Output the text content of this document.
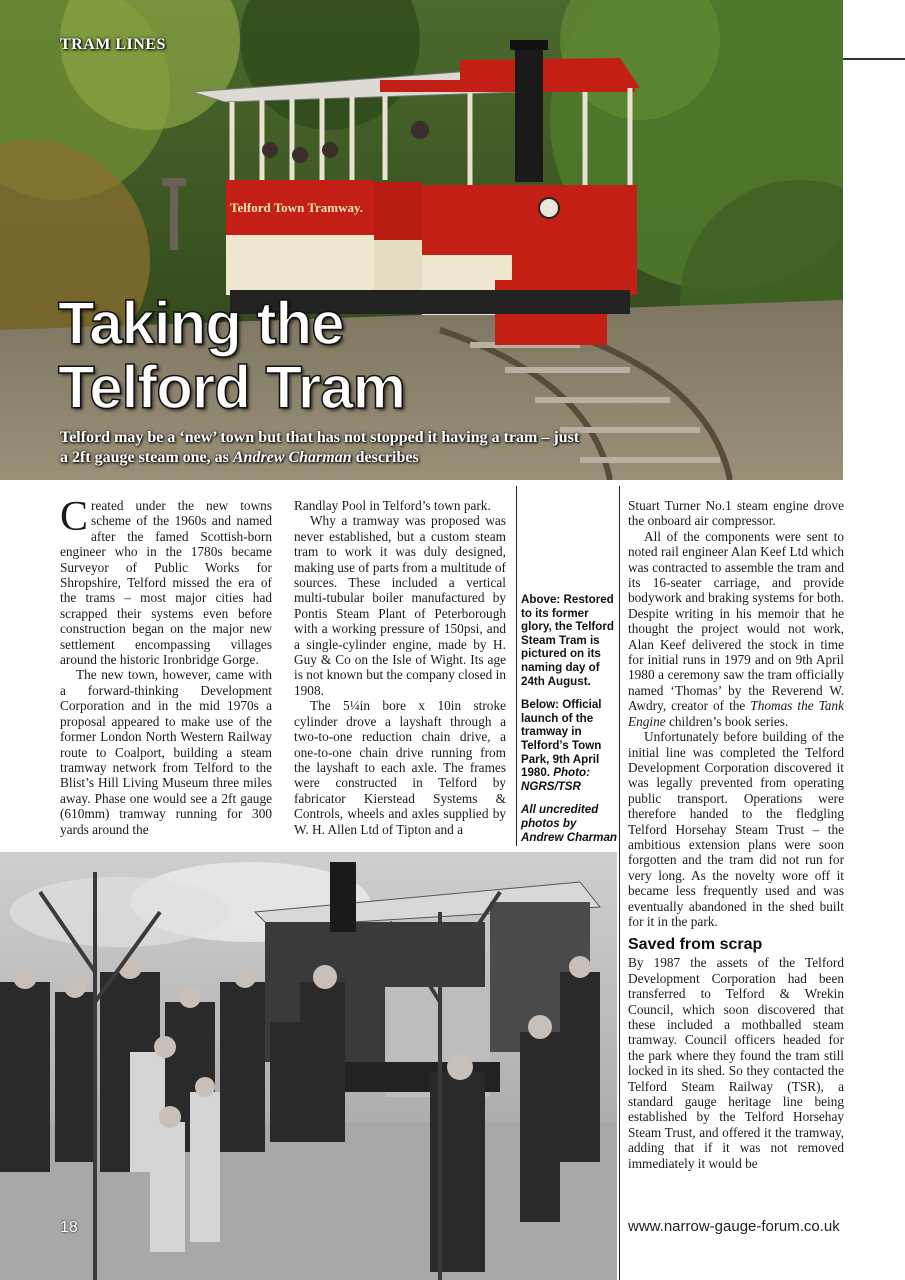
Telford Town Tramway.
TRAM LINES
Taking the
Telford Tram

Telford may be a ‘new’ town but that has not stopped it having a tram – just a 2ft gauge steam one, as Andrew Charman describes

Created under the new towns scheme of the 1960s and named after the famed Scottish-born engineer who in the 1780s became Surveyor of Public Works for Shropshire, Telford missed the era of the trams – most major cities had scrapped their systems even before construction began on the major new settlement encompassing villages around the historic Ironbridge Gorge.

The new town, however, came with a forward-thinking Development Corporation and in the mid 1970s a proposal appeared to make use of the former London North Western Railway route to Coalport, building a steam tramway network from Telford to the Blist’s Hill Living Museum three miles away. Phase one would see a 2ft gauge (610mm) tramway running for 300 yards around the

Randlay Pool in Telford’s town park.

Why a tramway was proposed was never established, but a custom steam tram to work it was duly designed, making use of parts from a multitude of sources. These included a vertical multi-tubular boiler manufactured by Pontis Steam Plant of Peterborough with a working pressure of 150psi, and a single-cylinder engine, made by H. Guy & Co on the Isle of Wight. Its age is not known but the company closed in 1908.

The 5¼in bore x 10in stroke cylinder drove a layshaft through a two-to-one reduction chain drive, a one-to-one chain drive running from the layshaft to each axle. The frames were constructed in Telford by fabricator Kierstead Systems & Controls, wheels and axles supplied by W. H. Allen Ltd of Tipton and a

Above: Restored to its former glory, the Telford Steam Tram is pictured on its naming day of 24th August.

Below: Official launch of the tramway in Telford’s Town Park, 9th April 1980. Photo: NGRS/TSR

All uncredited photos by Andrew Charman

Stuart Turner No.1 steam engine drove the onboard air compressor.

All of the components were sent to noted rail engineer Alan Keef Ltd which was contracted to assemble the tram and its 16-seater carriage, and provide bodywork and braking systems for both. Despite writing in his memoir that he thought the project would not work, Alan Keef delivered the stock in time for initial runs in 1979 and on 9th April 1980 a ceremony saw the tram officially named ‘Thomas’ by the Reverend W. Awdry, creator of the Thomas the Tank Engine children’s book series.

Unfortunately before building of the initial line was completed the Telford Development Corporation discovered it was legally prevented from operating public transport. Operations were therefore handed to the fledgling Telford Horsehay Steam Trust – the ambitious extension plans were soon forgotten and the tram did not run for very long. As the novelty wore off it became less frequently used and was eventually abandoned in the shed built for it in the park.

Saved from scrap

By 1987 the assets of the Telford Development Corporation had been transferred to Telford & Wrekin Council, which soon discovered that these included a mothballed steam tramway. Council officers headed for the park where they found the tram still locked in its shed. So they contacted the Telford Steam Railway (TSR), a standard gauge heritage line being established by the Telford Horsehay Steam Trust, and offered it the tramway, adding that if it was not removed immediately it would be

18	www.narrow-gauge-forum.co.uk
